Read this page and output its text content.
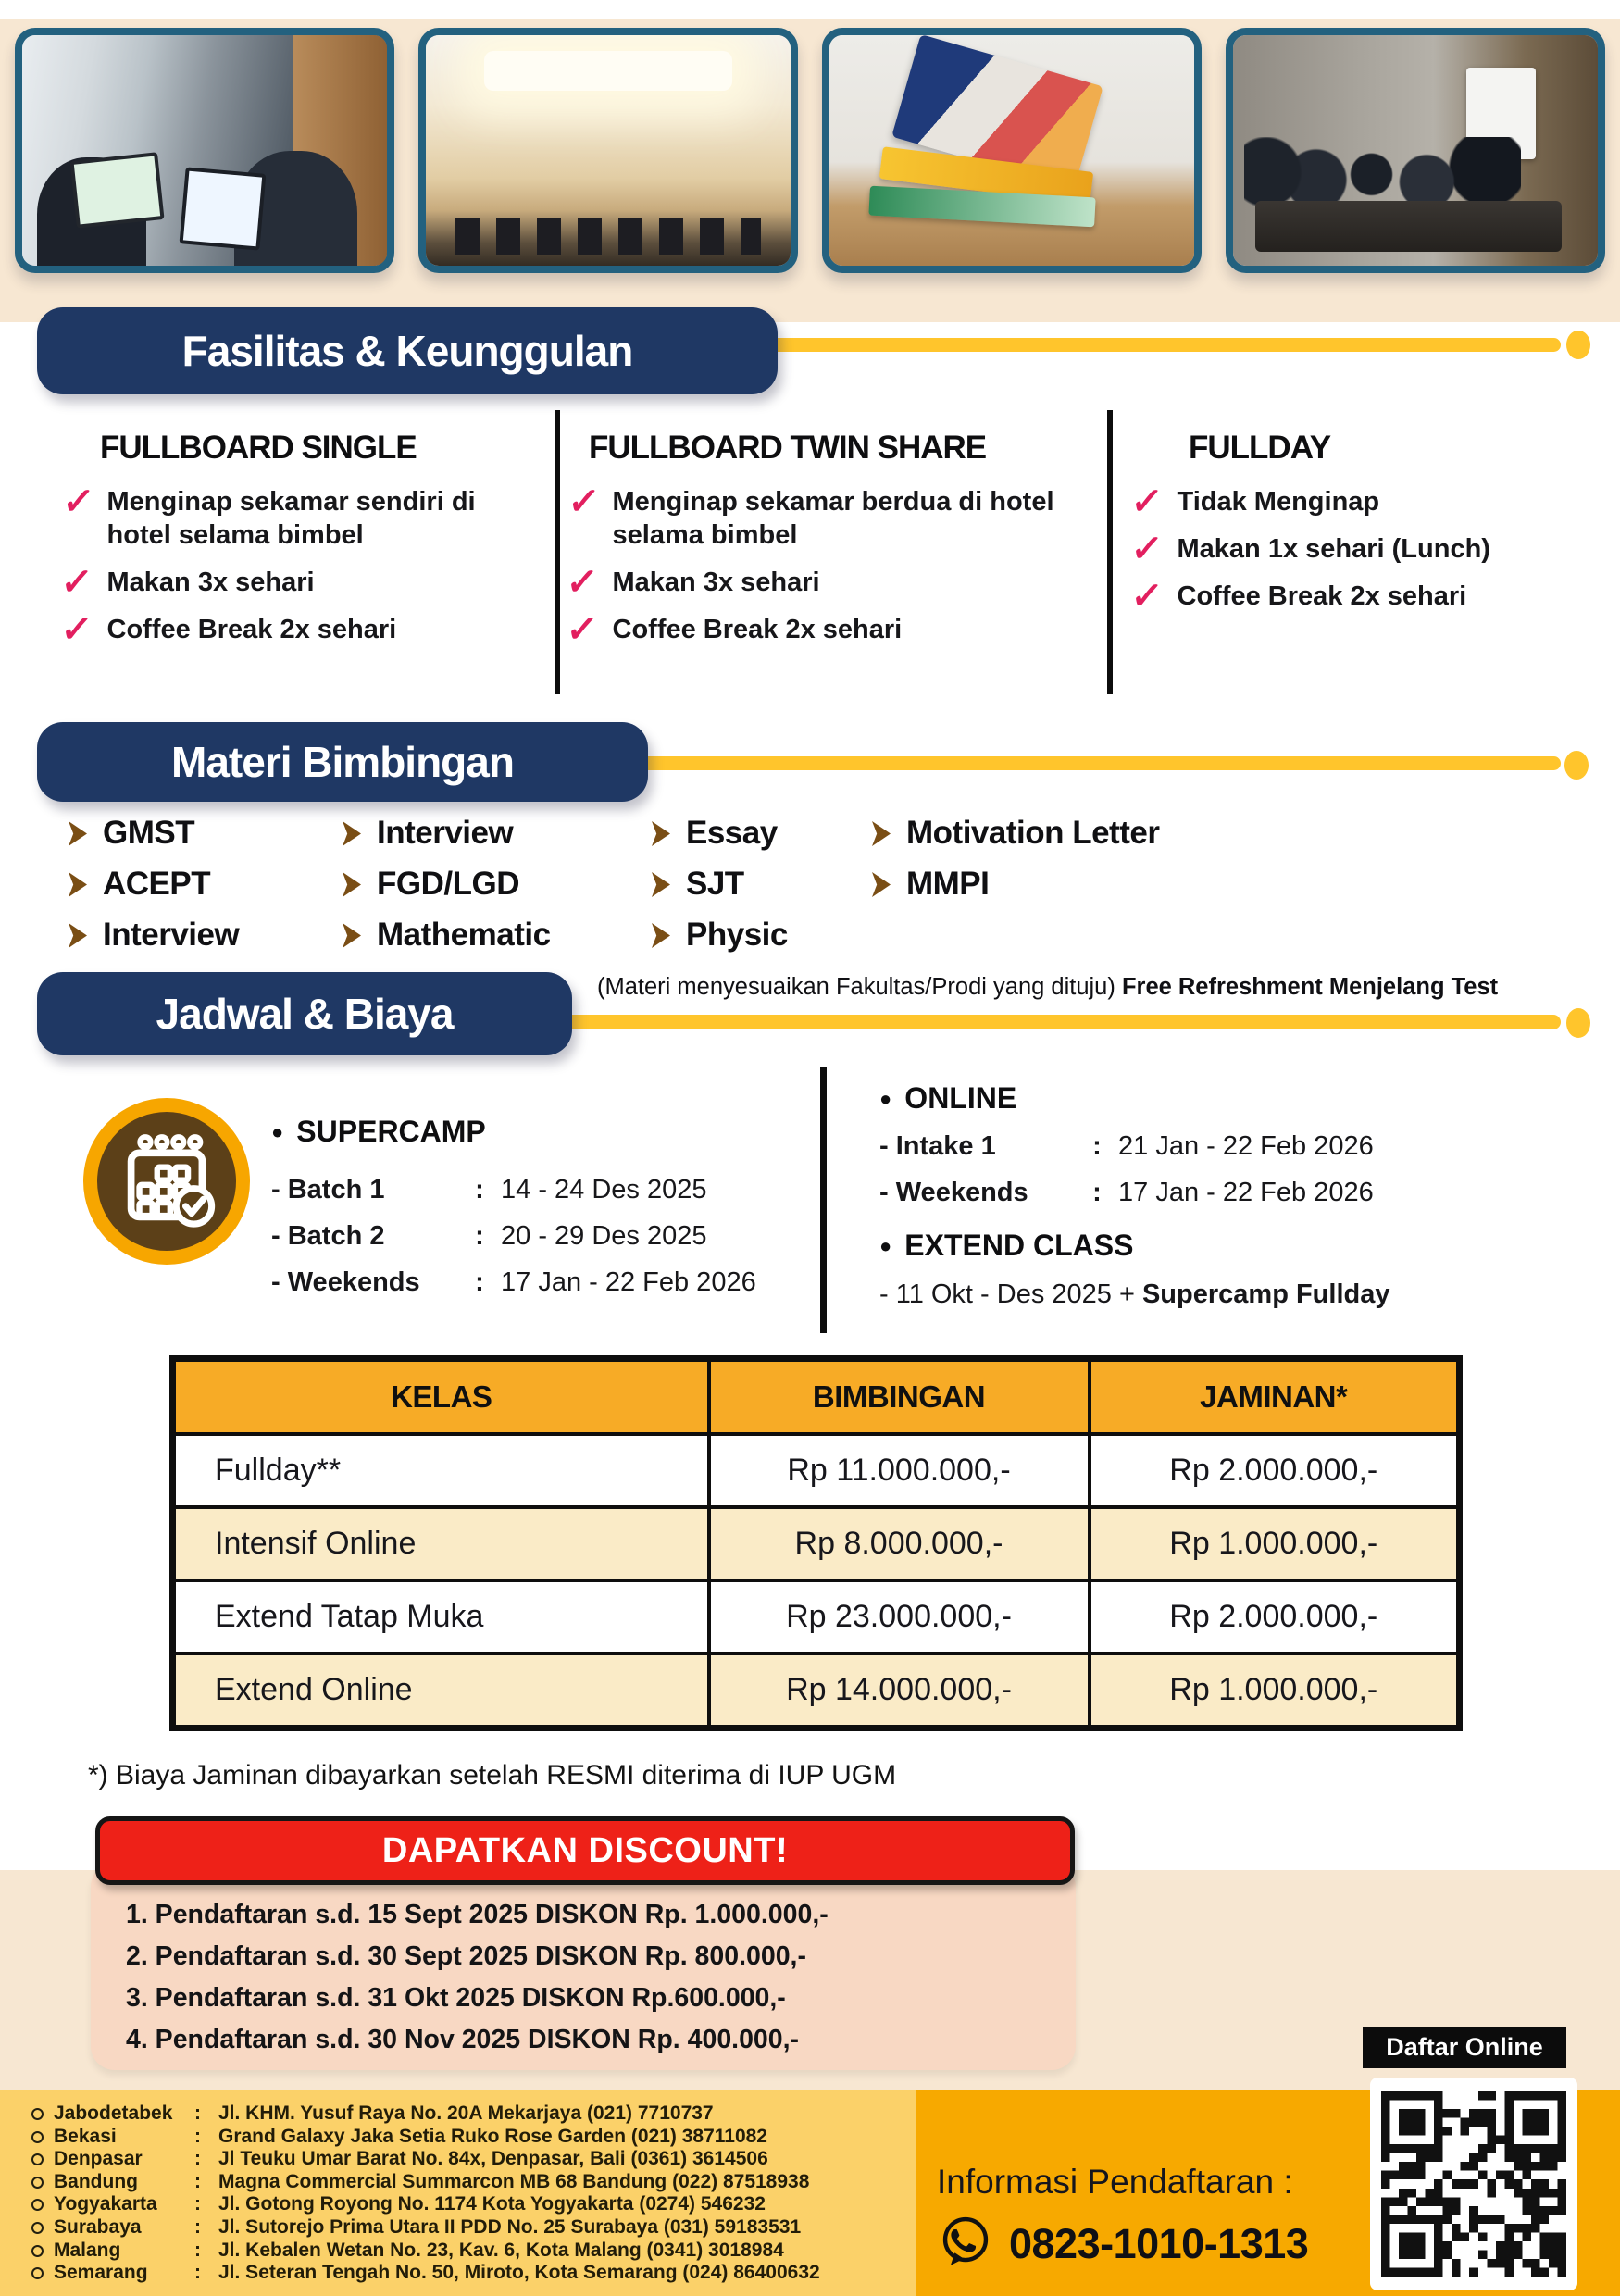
Fasilitas & Keunggulan
FULLBOARD SINGLE	FULLBOARD TWIN SHARE	FULLDAY
✓ Menginap sekamar sendiri di hotel selama bimbel
✓ Makan 3x sehari
✓ Coffee Break 2x sehari
✓ Menginap sekamar berdua di hotel selama bimbel
✓ Makan 3x sehari
✓ Coffee Break 2x sehari
✓ Tidak Menginap
✓ Makan 1x sehari (Lunch)
✓ Coffee Break 2x sehari
Materi Bimbingan
GMST	Interview	Essay	Motivation Letter
ACEPT	FGD/LGD	SJT	MMPI
Interview	Mathematic	Physic
Jadwal & Biaya
(Materi menyesuaikan Fakultas/Prodi yang dituju) Free Refreshment Menjelang Test
● SUPERCAMP
- Batch 1 :	14 - 24 Des 2025
- Batch 2 :	20 - 29 Des 2025
- Weekends :	17 Jan - 22 Feb 2026
● ONLINE
- Intake 1 :	21 Jan - 22 Feb 2026
- Weekends :	17 Jan - 22 Feb 2026
● EXTEND CLASS
- 11 Okt - Des 2025 + Supercamp Fullday
KELAS	BIMBINGAN	JAMINAN*
Fullday**	Rp 11.000.000,-	Rp 2.000.000,-
Intensif Online	Rp 8.000.000,-	Rp 1.000.000,-
Extend Tatap Muka	Rp 23.000.000,-	Rp 2.000.000,-
Extend Online	Rp 14.000.000,-	Rp 1.000.000,-
*) Biaya Jaminan dibayarkan setelah RESMI diterima di IUP UGM
1. Pendaftaran s.d. 15 Sept 2025 DISKON Rp. 1.000.000,-
2. Pendaftaran s.d. 30 Sept 2025 DISKON Rp. 800.000,-
3. Pendaftaran s.d. 31 Okt 2025 DISKON Rp.600.000,-
4. Pendaftaran s.d. 30 Nov 2025 DISKON Rp. 400.000,-
DAPATKAN DISCOUNT!
Jabodetabek :	Jl. KHM. Yusuf Raya No. 20A Mekarjaya (021) 7710737
Bekasi :	Grand Galaxy Jaka Setia Ruko Rose Garden (021) 38711082
Denpasar :	Jl Teuku Umar Barat No. 84x, Denpasar, Bali (0361) 3614506
Bandung :	Magna Commercial Summarcon MB 68 Bandung (022) 87518938
Yogyakarta :	Jl. Gotong Royong No. 1174 Kota Yogyakarta (0274) 546232
Surabaya :	Jl. Sutorejo Prima Utara II PDD No. 25 Surabaya (031) 59183531
Malang :	Jl. Kebalen Wetan No. 23, Kav. 6, Kota Malang (0341) 3018984
Semarang :	Jl. Seteran Tengah No. 50, Miroto, Kota Semarang (024) 86400632
Informasi Pendaftaran :
0823-1010-1313
Daftar Online
